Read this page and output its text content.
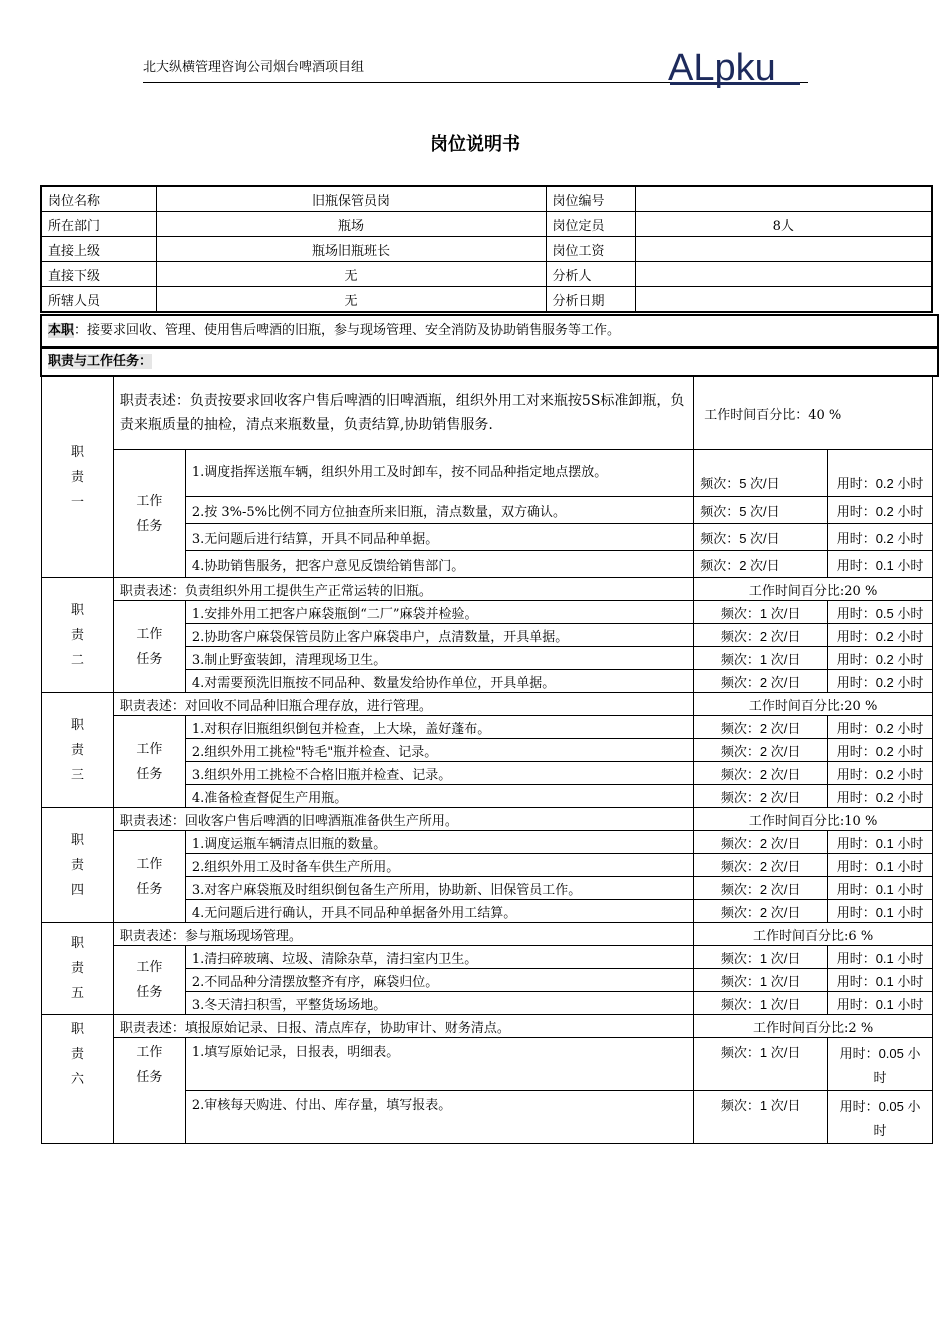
北大纵横管理咨询公司烟台啤酒项目组	ALpku
岗位说明书
岗位名称	旧瓶保管员岗	岗位编号	
所在部门	瓶场	岗位定员	8人
直接上级	瓶场旧瓶班长	岗位工资	
直接下级	无	分析人	
所辖人员	无	分析日期	
本职：接要求回收、管理、使用售后啤酒的旧瓶，参与现场管理、安全消防及协助销售服务等工作。
职责与工作任务：
职
责
一	职责表述：负责按要求回收客户售后啤酒的旧啤酒瓶，组织外用工对来瓶按5S标准卸瓶，负责来瓶质量的抽检，清点来瓶数量，负责结算,协助销售服务.		工作时间百分比：40 %	

	工作
任务	1.调度指挥送瓶车辆，组织外用工及时卸车，按不同品种指定地点摆放。	频次：5 次/日	用时：0.2 小时
		2.按 3%-5%比例不同方位抽查所来旧瓶，清点数量，双方确认。	频次：5 次/日	用时：0.2 小时
		3.无问题后进行结算，开具不同品种单据。	频次：5 次/日	用时：0.2 小时
		4.协助销售服务，把客户意见反馈给销售部门。	频次：2 次/日	用时：0.1 小时

职
责
二	职责表述：负责组织外用工提供生产正常运转的旧瓶。		工作时间百分比:20 %	

	工作
任务	1.安排外用工把客户麻袋瓶倒“二厂”麻袋并检验。	频次：1 次/日	用时：0.5 小时
		2.协助客户麻袋保管员防止客户麻袋串户，点清数量，开具单据。	频次：2 次/日	用时：0.2 小时
		3.制止野蛮装卸，清理现场卫生。	频次：1 次/日	用时：0.2 小时
		4.对需要预洗旧瓶按不同品种、数量发给协作单位，开具单据。	频次：2 次/日	用时：0.2 小时

职
责
三	职责表述：对回收不同品种旧瓶合理存放，进行管理。		工作时间百分比:20 %	

	工作
任务	1.对积存旧瓶组织倒包并检查，上大垛，盖好蓬布。	频次：2 次/日	用时：0.2 小时
		2.组织外用工挑检"特毛"瓶并检查、记录。	频次：2 次/日	用时：0.2 小时
		3.组织外用工挑检不合格旧瓶并检查、记录。	频次：2 次/日	用时：0.2 小时
		4.准备检查督促生产用瓶。	频次：2 次/日	用时：0.2 小时

职
责
四	职责表述：回收客户售后啤酒的旧啤酒瓶准备供生产所用。		工作时间百分比:10 %	

	工作
任务	1.调度运瓶车辆清点旧瓶的数量。	频次：2 次/日	用时：0.1 小时
		2.组织外用工及时备车供生产所用。	频次：2 次/日	用时：0.1 小时
		3.对客户麻袋瓶及时组织倒包备生产所用，协助新、旧保管员工作。	频次：2 次/日	用时：0.1 小时
		4.无问题后进行确认，开具不同品种单据备外用工结算。	频次：2 次/日	用时：0.1 小时

职
责
五	职责表述：参与瓶场现场管理。		工作时间百分比:6 %	

	工作
任务	1.清扫碎玻璃、垃圾、清除杂草，清扫室内卫生。	频次：1 次/日	用时：0.1 小时
		2.不同品种分清摆放整齐有序，麻袋归位。	频次：1 次/日	用时：0.1 小时
		3.冬天清扫积雪，平整货场场地。	频次：1 次/日	用时：0.1 小时

职
责
六	职责表述：填报原始记录、日报、清点库存，协助审计、财务清点。		工作时间百分比:2 %	

	工作
任务	1.填写原始记录，日报表，明细表。	频次：1 次/日	用时：0.05 小时
		2.审核每天购进、付出、库存量，填写报表。	频次：1 次/日	用时：0.05 小时
